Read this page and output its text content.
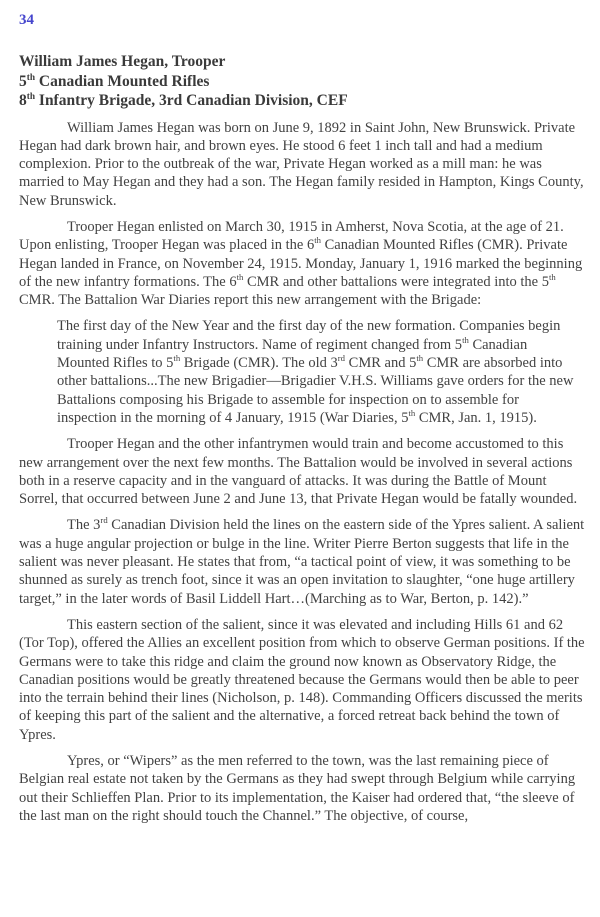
34
William James Hegan, Trooper
5th Canadian Mounted Rifles
8th Infantry Brigade, 3rd Canadian Division, CEF

William James Hegan was born on June 9, 1892 in Saint John, New Brunswick. Private Hegan had dark brown hair, and brown eyes. He stood 6 feet 1 inch tall and had a medium complexion. Prior to the outbreak of the war, Private Hegan worked as a mill man: he was married to May Hegan and they had a son. The Hegan family resided in Hampton, Kings County, New Brunswick.

Trooper Hegan enlisted on March 30, 1915 in Amherst, Nova Scotia, at the age of 21. Upon enlisting, Trooper Hegan was placed in the 6th Canadian Mounted Rifles (CMR). Private Hegan landed in France, on November 24, 1915. Monday, January 1, 1916 marked the beginning of the new infantry formations. The 6th CMR and other battalions were integrated into the 5th CMR. The Battalion War Diaries report this new arrangement with the Brigade:

The first day of the New Year and the first day of the new formation. Companies begin training under Infantry Instructors. Name of regiment changed from 5th Canadian Mounted Rifles to 5th Brigade (CMR). The old 3rd CMR and 5th CMR are absorbed into other battalions...The new Brigadier—Brigadier V.H.S. Williams gave orders for the new Battalions composing his Brigade to assemble for inspection on to assemble for inspection in the morning of 4 January, 1915 (War Diaries, 5th CMR, Jan. 1, 1915).

Trooper Hegan and the other infantrymen would train and become accustomed to this new arrangement over the next few months. The Battalion would be involved in several actions both in a reserve capacity and in the vanguard of attacks. It was during the Battle of Mount Sorrel, that occurred between June 2 and June 13, that Private Hegan would be fatally wounded.

The 3rd Canadian Division held the lines on the eastern side of the Ypres salient. A salient was a huge angular projection or bulge in the line. Writer Pierre Berton suggests that life in the salient was never pleasant. He states that from, “a tactical point of view, it was something to be shunned as surely as trench foot, since it was an open invitation to slaughter, “one huge artillery target,” in the later words of Basil Liddell Hart…(Marching as to War, Berton, p. 142).”

This eastern section of the salient, since it was elevated and including Hills 61 and 62 (Tor Top), offered the Allies an excellent position from which to observe German positions. If the Germans were to take this ridge and claim the ground now known as Observatory Ridge, the Canadian positions would be greatly threatened because the Germans would then be able to peer into the terrain behind their lines (Nicholson, p. 148). Commanding Officers discussed the merits of keeping this part of the salient and the alternative, a forced retreat back behind the town of Ypres.

Ypres, or “Wipers” as the men referred to the town, was the last remaining piece of Belgian real estate not taken by the Germans as they had swept through Belgium while carrying out their Schlieffen Plan. Prior to its implementation, the Kaiser had ordered that, “the sleeve of the last man on the right should touch the Channel.” The objective, of course,
